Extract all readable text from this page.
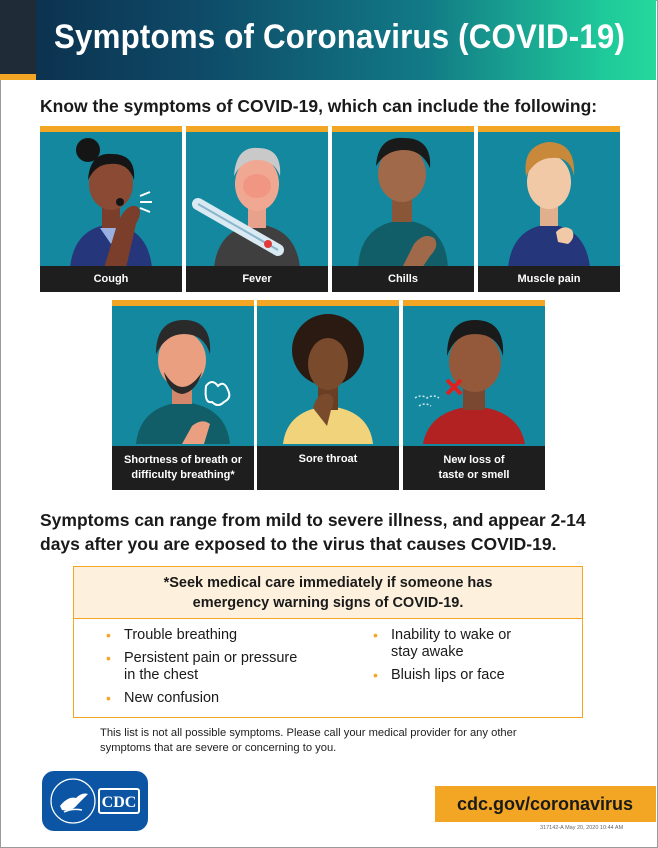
Symptoms of Coronavirus (COVID-19)
Know the symptoms of COVID-19, which can include the following:
Cough	Fever	Chills	Muscle pain
Shortness of breath or
difficulty breathing*
Sore throat	New loss of
taste or smell
Symptoms can range from mild to severe illness, and appear 2-14 days after you are exposed to the virus that causes COVID-19.
*Seek medical care immediately if someone has
emergency warning signs of COVID-19.
• Trouble breathing
• Persistent pain or pressure
in the chest
• New confusion
• Inability to wake or
stay awake
• Bluish lips or face
This list is not all possible symptoms. Please call your medical provider for any other symptoms that are severe or concerning to you.
CDC	cdc.gov/coronavirus
317142-A May 20, 2020 10:44 AM
